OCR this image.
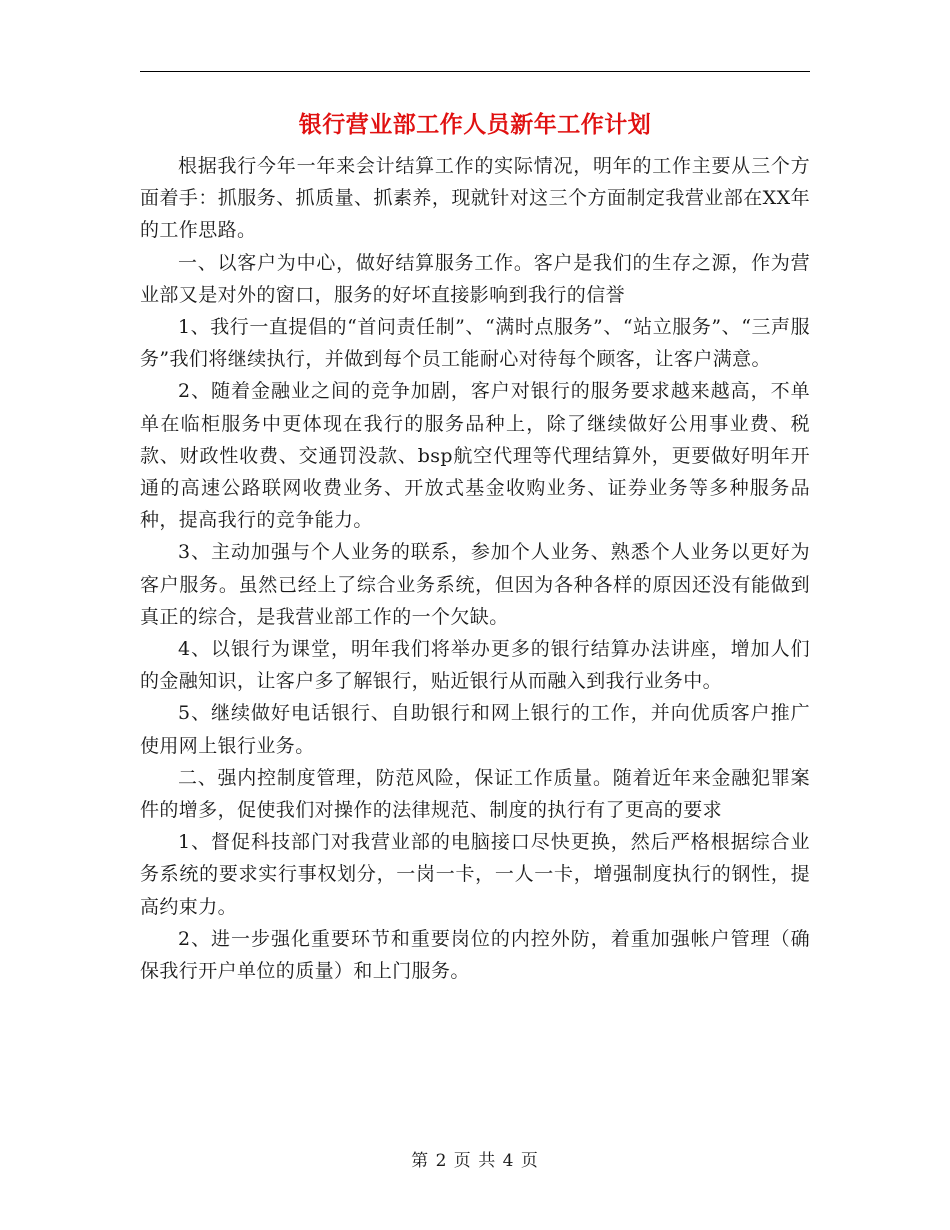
银行营业部工作人员新年工作计划

根据我行今年一年来会计结算工作的实际情况，明年的工作主要从三个方面着手：抓服务、抓质量、抓素养，现就针对这三个方面制定我营业部在XX年的工作思路。

一、以客户为中心，做好结算服务工作。客户是我们的生存之源，作为营业部又是对外的窗口，服务的好坏直接影响到我行的信誉

1、我行一直提倡的“首问责任制”、“满时点服务”、“站立服务”、“三声服务”我们将继续执行，并做到每个员工能耐心对待每个顾客，让客户满意。

2、随着金融业之间的竞争加剧，客户对银行的服务要求越来越高，不单单在临柜服务中更体现在我行的服务品种上，除了继续做好公用事业费、税款、财政性收费、交通罚没款、bsp航空代理等代理结算外，更要做好明年开通的高速公路联网收费业务、开放式基金收购业务、证券业务等多种服务品种，提高我行的竞争能力。

3、主动加强与个人业务的联系，参加个人业务、熟悉个人业务以更好为客户服务。虽然已经上了综合业务系统，但因为各种各样的原因还没有能做到真正的综合，是我营业部工作的一个欠缺。

4、以银行为课堂，明年我们将举办更多的银行结算办法讲座，增加人们的金融知识，让客户多了解银行，贴近银行从而融入到我行业务中。

5、继续做好电话银行、自助银行和网上银行的工作，并向优质客户推广使用网上银行业务。

二、强内控制度管理，防范风险，保证工作质量。随着近年来金融犯罪案件的增多，促使我们对操作的法律规范、制度的执行有了更高的要求

1、督促科技部门对我营业部的电脑接口尽快更换，然后严格根据综合业务系统的要求实行事权划分，一岗一卡，一人一卡，增强制度执行的钢性，提高约束力。

2、进一步强化重要环节和重要岗位的内控外防，着重加强帐户管理（确保我行开户单位的质量）和上门服务。

第 2 页 共 4 页
